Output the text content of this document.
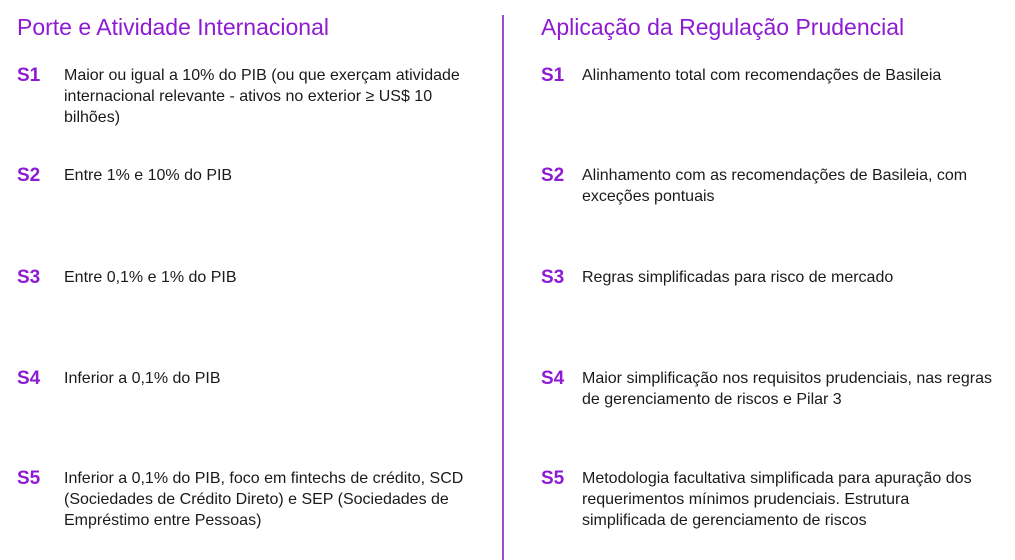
Porte e Atividade Internacional
S1	Maior ou igual a 10% do PIB (ou que exerçam atividade internacional relevante - ativos no exterior ≥ US$ 10 bilhões)
S2	Entre 1% e 10% do PIB
S3	Entre 0,1% e 1% do PIB
S4	Inferior a 0,1% do PIB
S5	Inferior a 0,1% do PIB, foco em fintechs de crédito, SCD (Sociedades de Crédito Direto) e SEP (Sociedades de Empréstimo entre Pessoas)
Aplicação da Regulação Prudencial
S1	Alinhamento total com recomendações de Basileia
S2	Alinhamento com as recomendações de Basileia, com exceções pontuais
S3	Regras simplificadas para risco de mercado
S4	Maior simplificação nos requisitos prudenciais, nas regras de gerenciamento de riscos e Pilar 3
S5	Metodologia facultativa simplificada para apuração dos requerimentos mínimos prudenciais. Estrutura simplificada de gerenciamento de riscos
